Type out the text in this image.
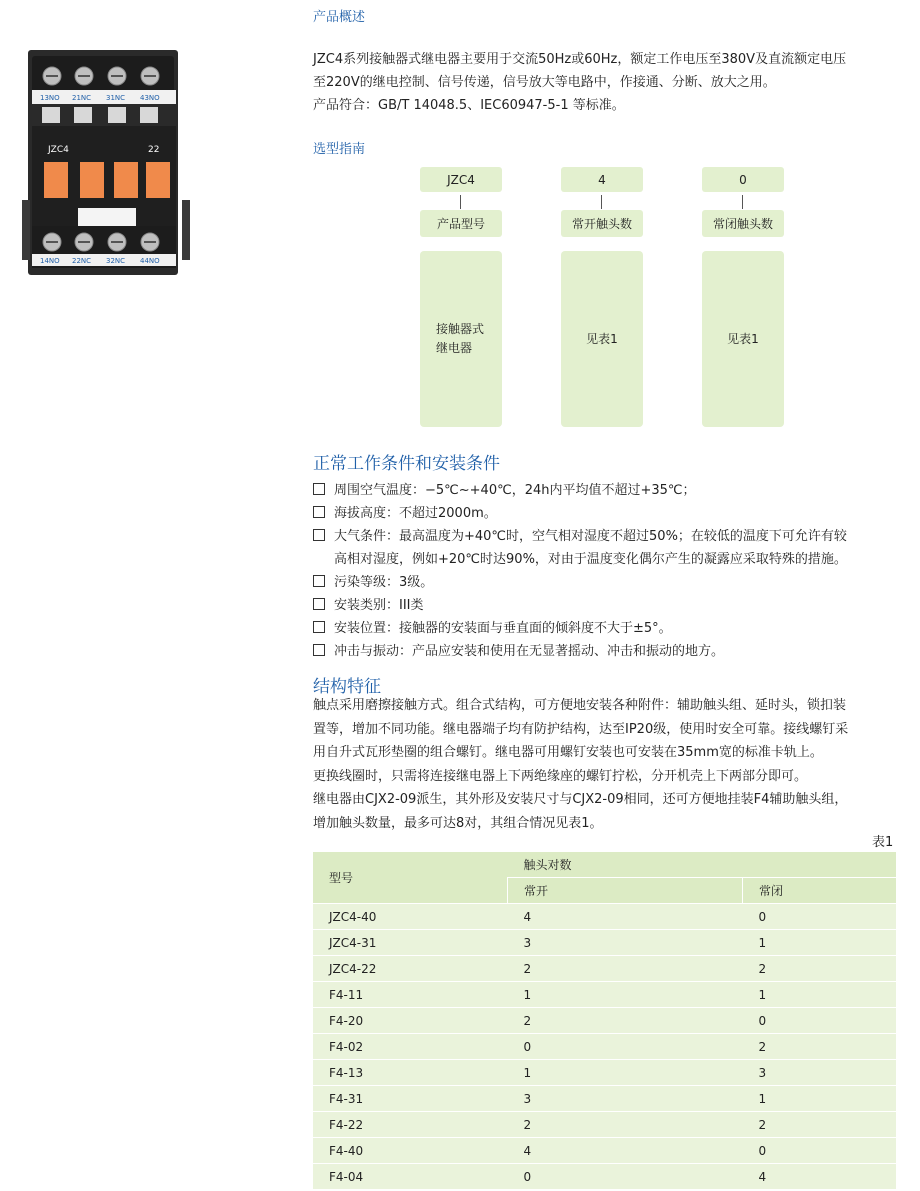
13NO 21NC 31NC 43NO
JZC4	22
14NO 22NC 32NC 44NO
产品概述
JZC4系列接触器式继电器主要用于交流50Hz或60Hz，额定工作电压至380V及直流额定电压
至220V的继电控制、信号传递，信号放大等电路中，作接通、分断、放大之用。
产品符合：GB/T 14048.5、IEC60947-5-1 等标准。
选型指南
JZC4
产品型号
接触器式
继电器
4
常开触头数
见表1
0
常闭触头数
见表1
正常工作条件和安装条件
周围空气温度：−5℃~+40℃，24h内平均值不超过+35℃；
海拔高度：不超过2000m。
大气条件：最高温度为+40℃时，空气相对湿度不超过50%；在较低的温度下可允许有较
高相对湿度，例如+20℃时达90%，对由于温度变化偶尔产生的凝露应采取特殊的措施。
污染等级：3级。
安装类别：III类
安装位置：接触器的安装面与垂直面的倾斜度不大于±5°。
冲击与振动：产品应安装和使用在无显著摇动、冲击和振动的地方。
结构特征
触点采用磨擦接触方式。组合式结构，可方便地安装各种附件：辅助触头组、延时头，锁扣装
置等，增加不同功能。继电器端子均有防护结构，达至IP20级，使用时安全可靠。接线螺钉采
用自升式瓦形垫圈的组合螺钉。继电器可用螺钉安装也可安装在35mm宽的标准卡轨上。
更换线圈时，只需将连接继电器上下两绝缘座的螺钉拧松，分开机壳上下两部分即可。
继电器由CJX2-09派生，其外形及安装尺寸与CJX2-09相同，还可方便地挂装F4辅助触头组，
增加触头数量，最多可达8对，其组合情况见表1。
表1
型号	触头对数	
	常开	常闭
JZC4-40	4	0
JZC4-31	3	1
JZC4-22	2	2
F4-11	1	1
F4-20	2	0
F4-02	0	2
F4-13	1	3
F4-31	3	1
F4-22	2	2
F4-40	4	0
F4-04	0	4
